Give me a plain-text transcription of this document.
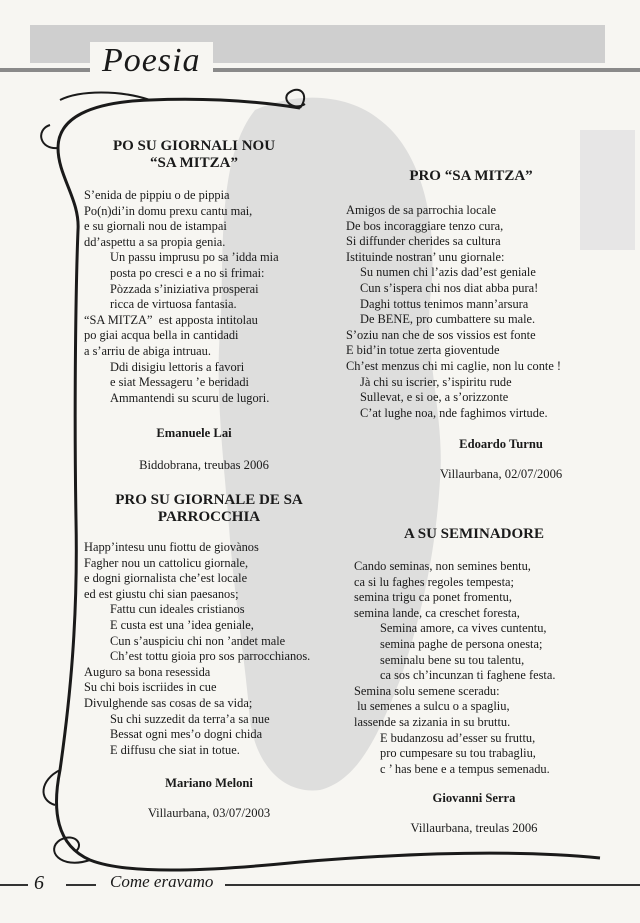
Poesia
PO SU GIORNALI NOU
“SA MITZA”
S’enida de pippiu o de pippia
Po(n)di’in domu prexu cantu mai,
e su giornali nou de istampai
dd’aspettu a sa propia genia.
Un passu imprusu po sa ’idda mia
posta po cresci e a no si frimai:
Pòzzada s’iniziativa prosperai
ricca de virtuosa fantasia.
“SA MITZA”  est apposta intitolau
po giai acqua bella in cantidadi
a s’arriu de abiga intruau.
Ddi disigiu lettoris a favori
e siat Messageru ’e beridadi
Ammantendi su scuru de lugori.
Emanuele Lai
Biddobrana, treubas 2006
PRO SU GIORNALE DE SA
PARROCCHIA
Happ’intesu unu fiottu de giovànos
Fagher nou un cattolicu giornale,
e dogni giornalista che’est locale
ed est giustu chi sian paesanos;
Fattu cun ideales cristianos
E custa est una ’idea geniale,
Cun s’auspiciu chi non ’andet male
Ch’est tottu gioia pro sos parrocchianos.
Auguro sa bona resessida
Su chi bois iscriides in cue
Divulghende sas cosas de sa vida;
Su chi suzzedit da terra’a sa nue
Bessat ogni mes’o dogni chida
E diffusu che siat in totue.
Mariano Meloni
Villaurbana, 03/07/2003
PRO “SA MITZA”
Amigos de sa parrochia locale
De bos incoraggiare tenzo cura,
Si diffunder cherides sa cultura
Istituinde nostran’ unu giornale:
Su numen chi l’azis dad’est geniale
Cun s’ispera chi nos diat abba pura!
Daghi tottus tenimos mann’arsura
De BENE, pro cumbattere su male.
S’oziu nan che de sos vissios est fonte
E bid’in totue zerta gioventude
Ch’est menzus chi mi caglie, non lu conte !
Jà chi su iscrier, s’ispiritu rude
Sullevat, e si oe, a s’orizzonte
C’at lughe noa, nde faghimos virtude.
Edoardo Turnu
Villaurbana, 02/07/2006
A SU SEMINADORE
Cando seminas, non semines bentu,
ca si lu faghes regoles tempesta;
semina trigu ca ponet fromentu,
semina lande, ca creschet foresta,
Semina amore, ca vives cuntentu,
semina paghe de persona onesta;
seminalu bene su tou talentu,
ca sos ch’incunzan ti faghene festa.
Semina solu semene sceradu:
lu semenes a sulcu o a spagliu,
lassende sa zizania in su bruttu.
E budanzosu ad’esser su fruttu,
pro cumpesare su tou trabagliu,
c ’ has bene e a tempus semenadu.
Giovanni Serra
Villaurbana, treulas 2006
6	Come eravamo
